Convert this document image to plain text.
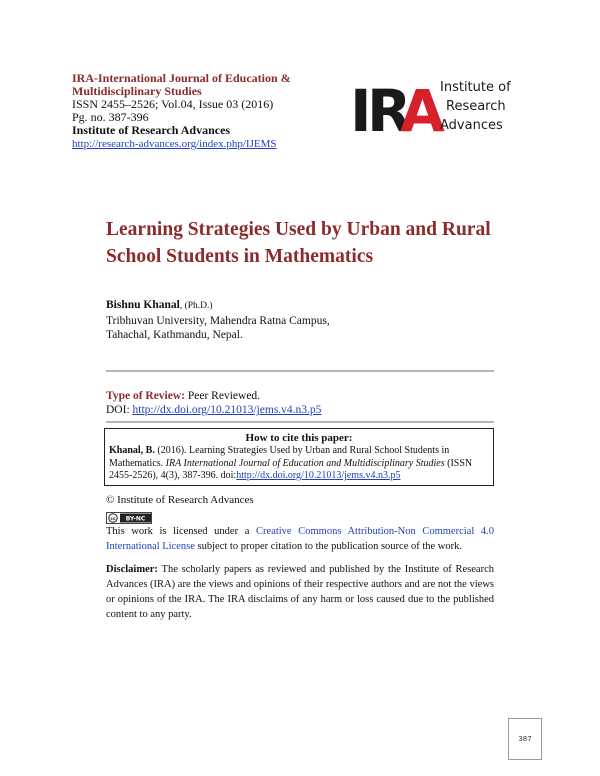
IRA-International Journal of Education & Multidisciplinary Studies
ISSN 2455–2526; Vol.04, Issue 03 (2016)
Pg. no. 387-396
Institute of Research Advances
http://research-advances.org/index.php/IJEMS	I
R
A
Institute of
Research
Advances
Learning Strategies Used by Urban and Rural
School Students in Mathematics
Bishnu Khanal, (Ph.D.)
Tribhuvan University, Mahendra Ratna Campus,
Tahachal, Kathmandu, Nepal.
Type of Review: Peer Reviewed.
DOI: http://dx.doi.org/10.21013/jems.v4.n3.p5
How to cite this paper:
Khanal, B. (2016). Learning Strategies Used by Urban and Rural School Students in Mathematics. IRA International Journal of Education and Multidisciplinary Studies (ISSN 2455-2526), 4(3), 387-396. doi:http://dx.doi.org/10.21013/jems.v4.n3.p5
© Institute of Research Advances
cc BY-NC
This work is licensed under a Creative Commons Attribution-Non Commercial 4.0 International License subject to proper citation to the publication source of the work.
Disclaimer: The scholarly papers as reviewed and published by the Institute of Research Advances (IRA) are the views and opinions of their respective authors and are not the views or opinions of the IRA. The IRA disclaims of any harm or loss caused due to the published content to any party.
387
